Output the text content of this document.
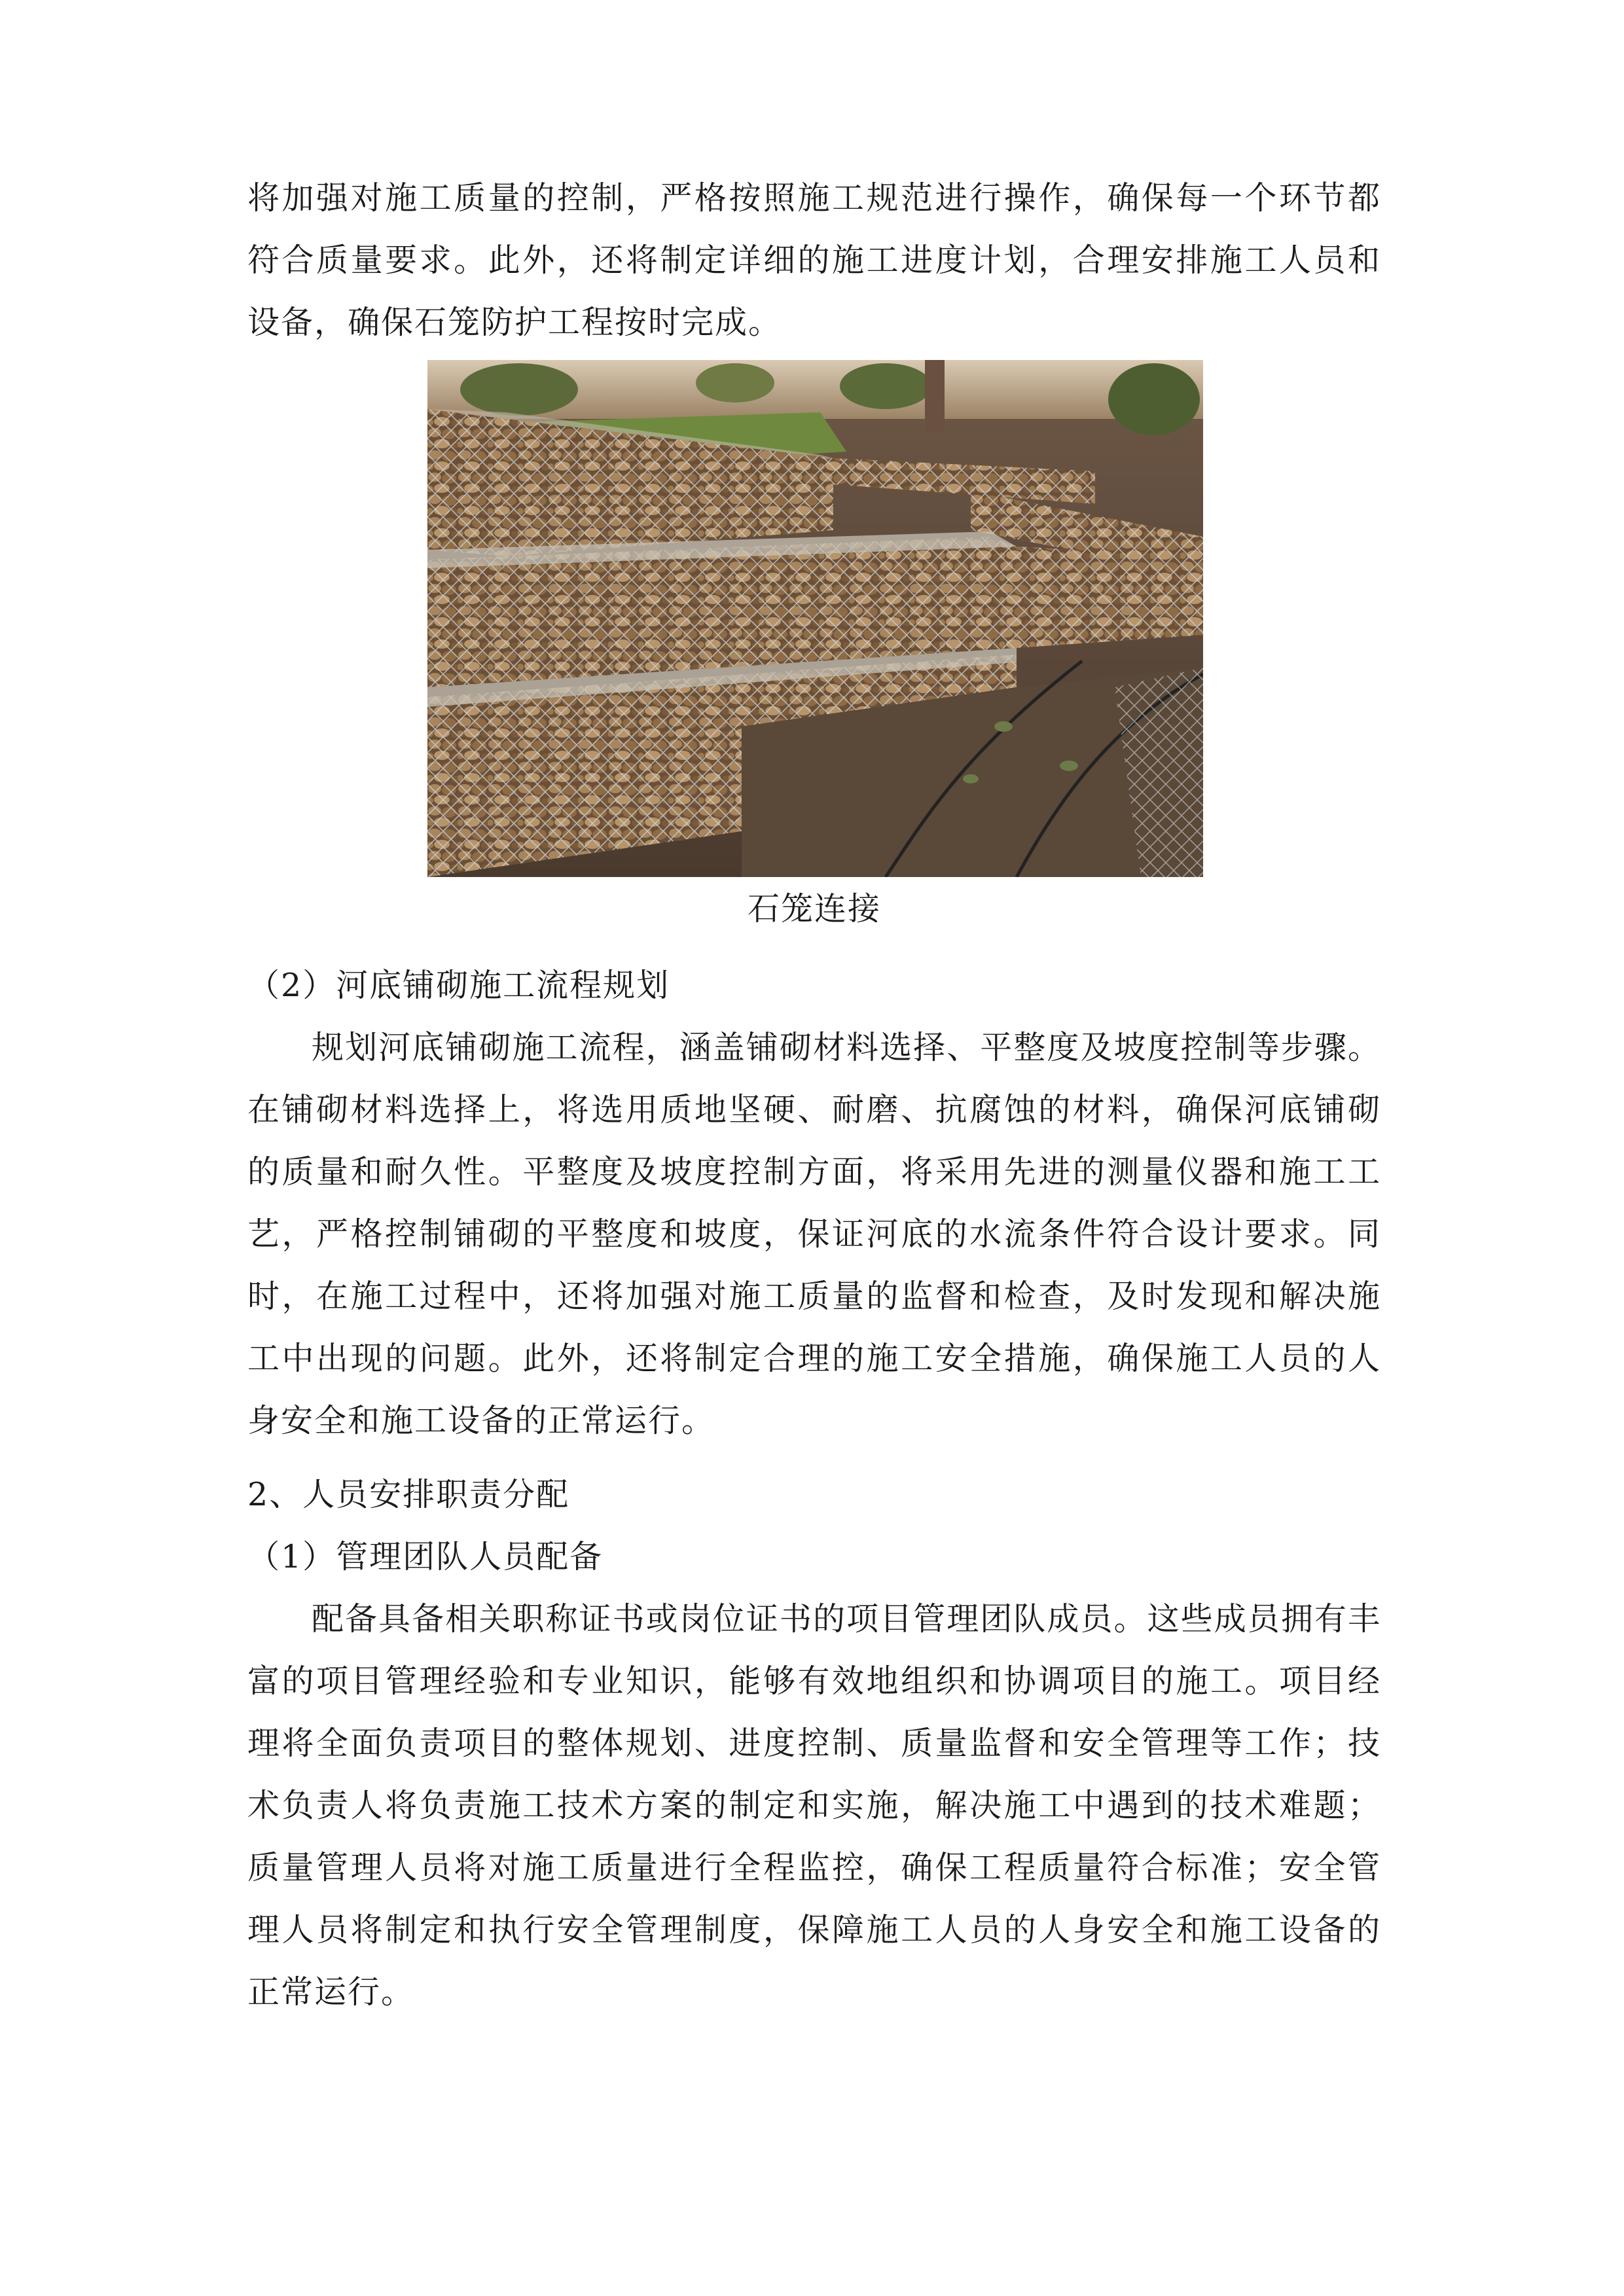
将加强对施工质量的控制，严格按照施工规范进行操作，确保每一个环节都符合质量要求。此外，还将制定详细的施工进度计划，合理安排施工人员和设备，确保石笼防护工程按时完成。

石笼连接

（2）河底铺砌施工流程规划

规划河底铺砌施工流程，涵盖铺砌材料选择、平整度及坡度控制等步骤。在铺砌材料选择上，将选用质地坚硬、耐磨、抗腐蚀的材料，确保河底铺砌的质量和耐久性。平整度及坡度控制方面，将采用先进的测量仪器和施工工艺，严格控制铺砌的平整度和坡度，保证河底的水流条件符合设计要求。同时，在施工过程中，还将加强对施工质量的监督和检查，及时发现和解决施工中出现的问题。此外，还将制定合理的施工安全措施，确保施工人员的人身安全和施工设备的正常运行。

2、人员安排职责分配

（1）管理团队人员配备

配备具备相关职称证书或岗位证书的项目管理团队成员。这些成员拥有丰富的项目管理经验和专业知识，能够有效地组织和协调项目的施工。项目经理将全面负责项目的整体规划、进度控制、质量监督和安全管理等工作；技术负责人将负责施工技术方案的制定和实施，解决施工中遇到的技术难题；质量管理人员将对施工质量进行全程监控，确保工程质量符合标准；安全管理人员将制定和执行安全管理制度，保障施工人员的人身安全和施工设备的正常运行。
